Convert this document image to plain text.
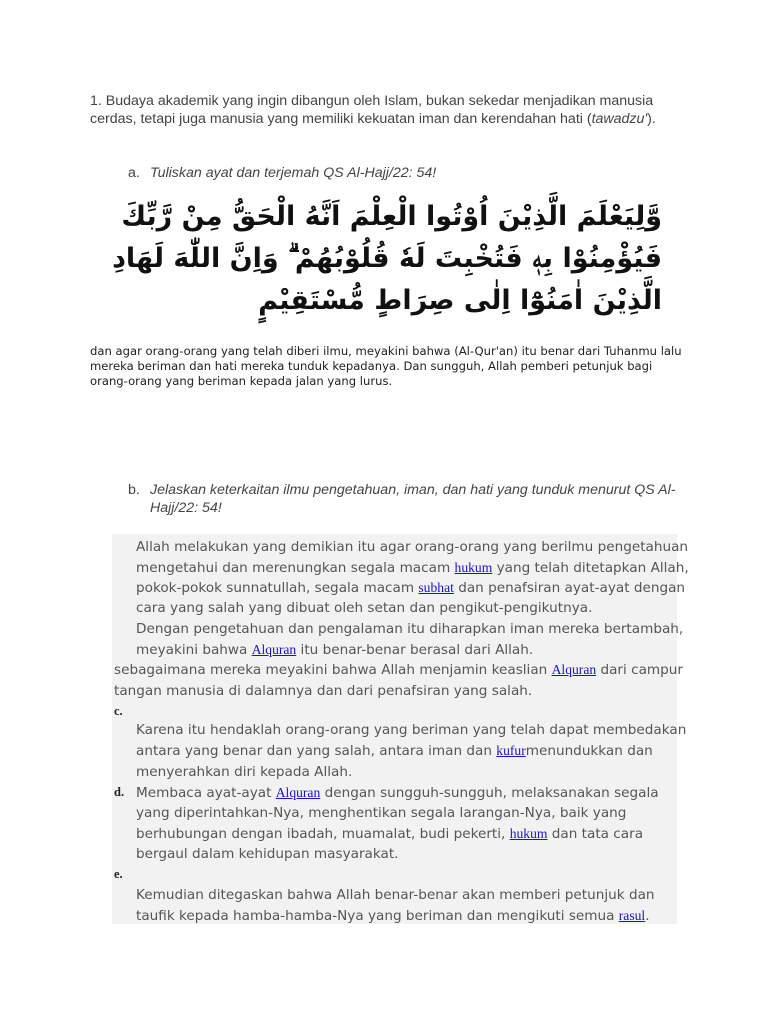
1. Budaya akademik yang ingin dibangun oleh Islam, bukan sekedar menjadikan manusia cerdas, tetapi juga manusia yang memiliki kekuatan iman dan kerendahan hati (tawadzu').
a. Tuliskan ayat dan terjemah QS Al-Hajj/22: 54!
وَّلِيَعْلَمَ الَّذِيْنَ اُوْتُوا الْعِلْمَ اَنَّهُ الْحَقُّ مِنْ رَّبِّكَ فَيُؤْمِنُوْا بِهٖ فَتُخْبِتَ لَهٗ قُلُوْبُهُمْ ۗ وَاِنَّ اللّٰهَ لَهَادِ الَّذِيْنَ اٰمَنُوْٓا اِلٰى صِرَاطٍ مُّسْتَقِيْمٍ
dan agar orang-orang yang telah diberi ilmu, meyakini bahwa (Al-Qur'an) itu benar dari Tuhanmu lalu mereka beriman dan hati mereka tunduk kepadanya. Dan sungguh, Allah pemberi petunjuk bagi orang-orang yang beriman kepada jalan yang lurus.
b. Jelaskan keterkaitan ilmu pengetahuan, iman, dan hati yang tunduk menurut QS Al-Hajj/22: 54!
Allah melakukan yang demikian itu agar orang-orang yang berilmu pengetahuan
mengetahui dan merenungkan segala macam hukum yang telah ditetapkan Allah,
pokok-pokok sunnatullah, segala macam subhat dan penafsiran ayat-ayat dengan
cara yang salah yang dibuat oleh setan dan pengikut-pengikutnya.
Dengan pengetahuan dan pengalaman itu diharapkan iman mereka bertambah,
meyakini bahwa Alquran itu benar-benar berasal dari Allah.
sebagaimana mereka meyakini bahwa Allah menjamin keaslian Alquran dari campur
tangan manusia di dalamnya dan dari penafsiran yang salah.
c.
Karena itu hendaklah orang-orang yang beriman yang telah dapat membedakan
antara yang benar dan yang salah, antara iman dan kufurmenundukkan dan
menyerahkan diri kepada Allah.
d. Membaca ayat-ayat Alquran dengan sungguh-sungguh, melaksanakan segala
yang diperintahkan-Nya, menghentikan segala larangan-Nya, baik yang
berhubungan dengan ibadah, muamalat, budi pekerti, hukum dan tata cara
bergaul dalam kehidupan masyarakat.
e.
Kemudian ditegaskan bahwa Allah benar-benar akan memberi petunjuk dan
taufik kepada hamba-hamba-Nya yang beriman dan mengikuti semua rasul.
